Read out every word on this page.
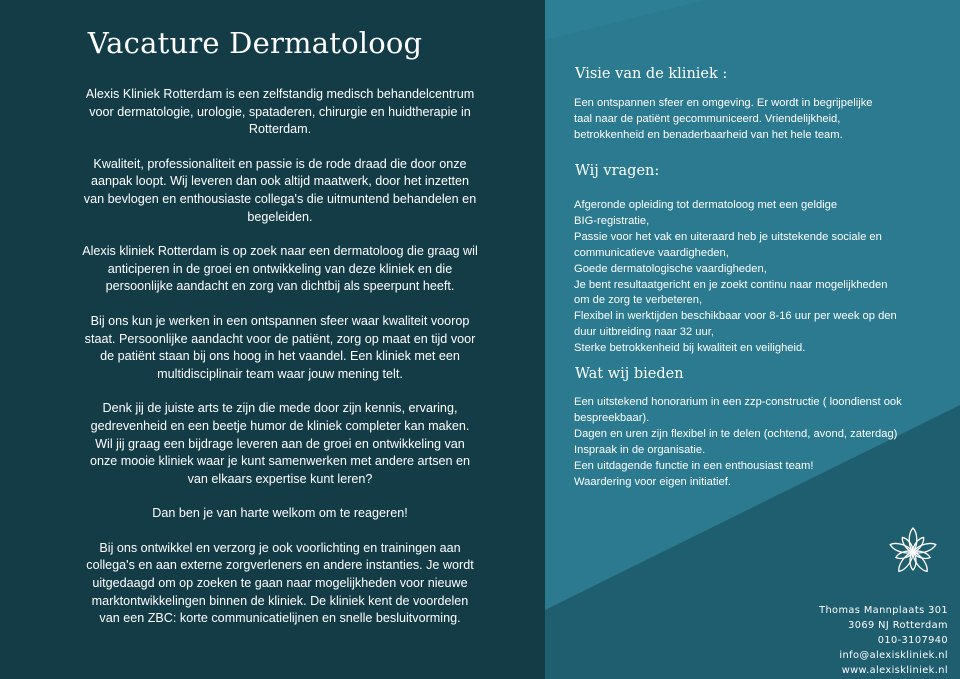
Vacature Dermatoloog

Alexis Kliniek Rotterdam is een zelfstandig medisch behandelcentrum
voor dermatologie, urologie, spataderen, chirurgie en huidtherapie in
Rotterdam.

Kwaliteit, professionaliteit en passie is de rode draad die door onze
aanpak loopt. Wij leveren dan ook altijd maatwerk, door het inzetten
van bevlogen en enthousiaste collega's die uitmuntend behandelen en
begeleiden.

Alexis kliniek Rotterdam is op zoek naar een dermatoloog die graag wil
anticiperen in de groei en ontwikkeling van deze kliniek en die
persoonlijke aandacht en zorg van dichtbij als speerpunt heeft.

Bij ons kun je werken in een ontspannen sfeer waar kwaliteit voorop
staat. Persoonlijke aandacht voor de patiënt, zorg op maat en tijd voor
de patiënt staan bij ons hoog in het vaandel. Een kliniek met een
multidisciplinair team waar jouw mening telt.

Denk jij de juiste arts te zijn die mede door zijn kennis, ervaring,
gedrevenheid en een beetje humor de kliniek completer kan maken.
Wil jij graag een bijdrage leveren aan de groei en ontwikkeling van
onze mooie kliniek waar je kunt samenwerken met andere artsen en
van elkaars expertise kunt leren?

Dan ben je van harte welkom om te reageren!

Bij ons ontwikkel en verzorg je ook voorlichting en trainingen aan
collega's en aan externe zorgverleners en andere instanties. Je wordt
uitgedaagd om op zoeken te gaan naar mogelijkheden voor nieuwe
marktontwikkelingen binnen de kliniek. De kliniek kent de voordelen
van een ZBC: korte communicatielijnen en snelle besluitvorming.

Visie van de kliniek :
Een ontspannen sfeer en omgeving. Er wordt in begrijpelijke
taal naar de patiënt gecommuniceerd. Vriendelijkheid,
betrokkenheid en benaderbaarheid van het hele team.
Wij vragen:
Afgeronde opleiding tot dermatoloog met een geldige
BIG-registratie,
Passie voor het vak en uiteraard heb je uitstekende sociale en
communicatieve vaardigheden,
Goede dermatologische vaardigheden,
Je bent resultaatgericht en je zoekt continu naar mogelijkheden
om de zorg te verbeteren,
Flexibel in werktijden beschikbaar voor 8-16 uur per week op den
duur uitbreiding naar 32 uur,
Sterke betrokkenheid bij kwaliteit en veiligheid.
Wat wij bieden
Een uitstekend honorarium in een zzp-constructie ( loondienst ook
bespreekbaar).
Dagen en uren zijn flexibel in te delen (ochtend, avond, zaterdag)
Inspraak in de organisatie.
Een uitdagende functie in een enthousiast team!
Waardering voor eigen initiatief.
Thomas Mannplaats 301
3069 NJ Rotterdam
010-3107940
info@alexiskliniek.nl
www.alexiskliniek.nl
